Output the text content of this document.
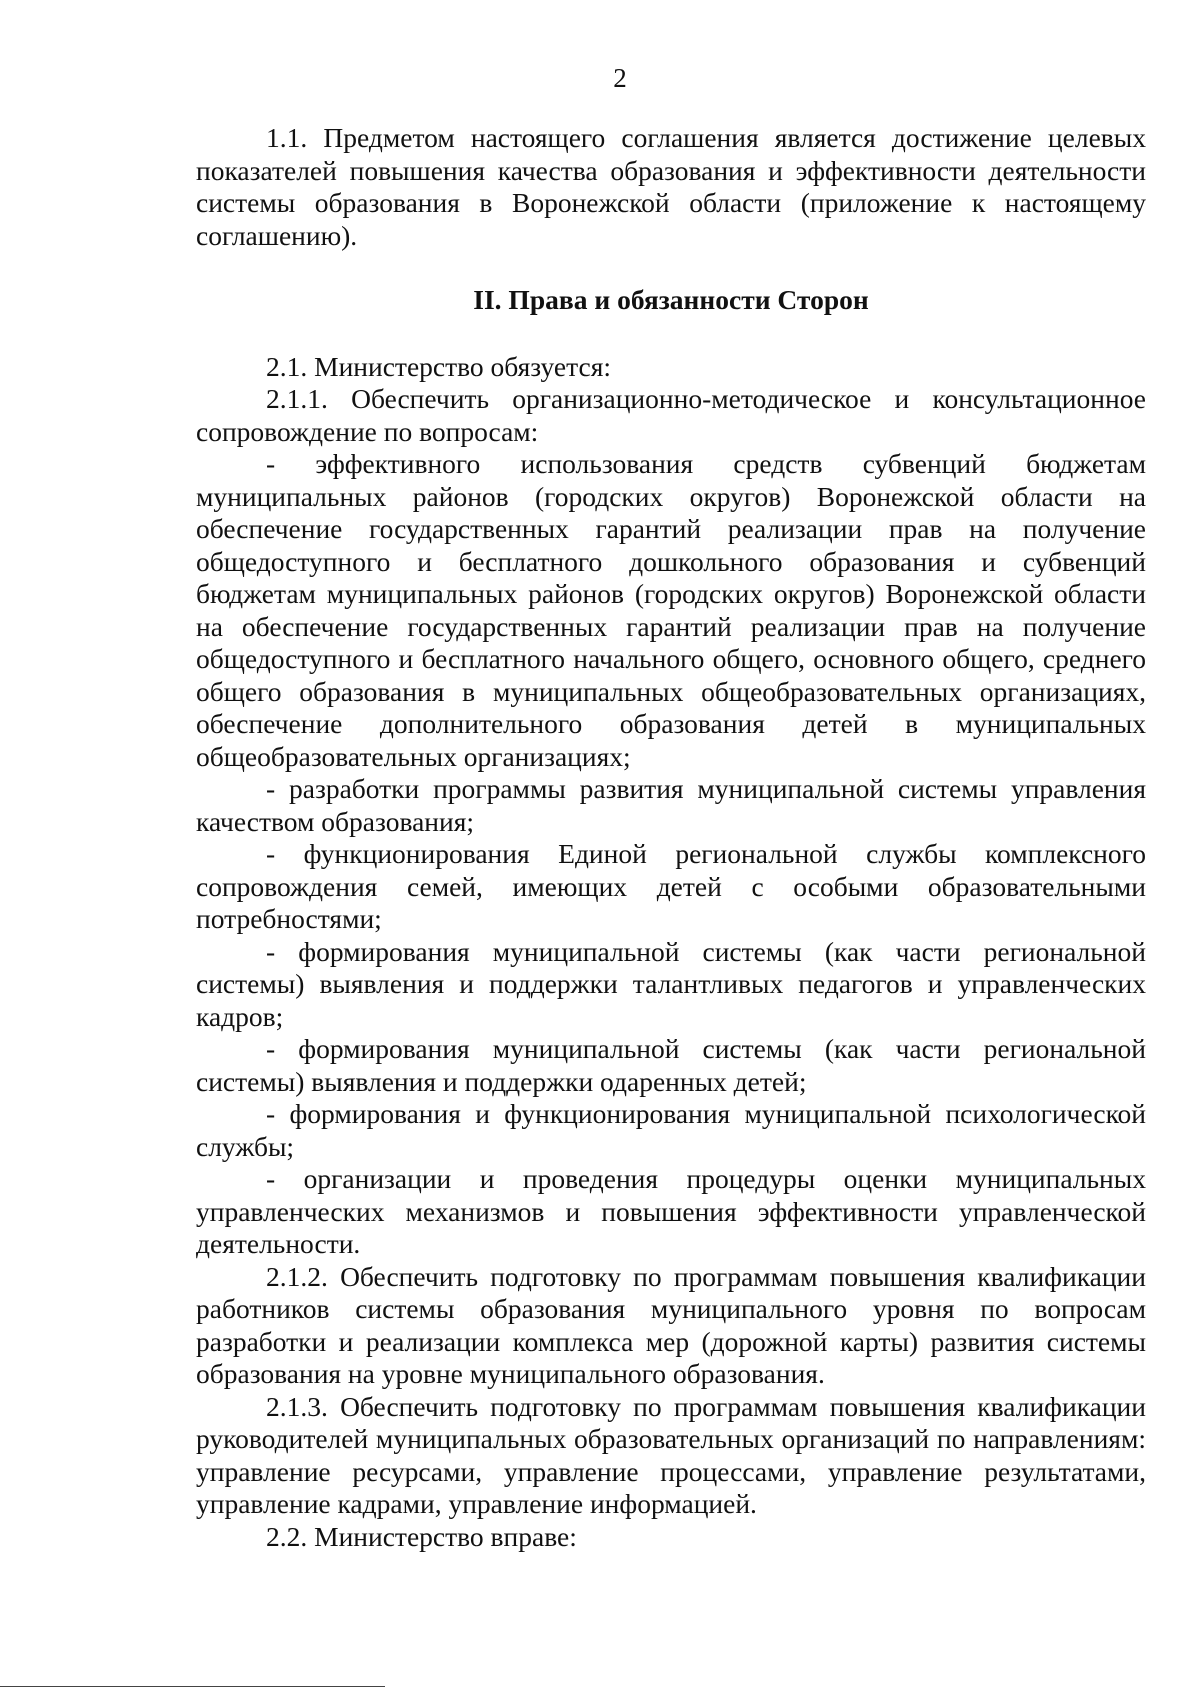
2

1.1. Предметом настоящего соглашения является достижение целевых показателей повышения качества образования и эффективности деятельности системы образования в Воронежской области (приложение к настоящему соглашению).

II. Права и обязанности Сторон

2.1. Министерство обязуется:

2.1.1. Обеспечить организационно-методическое и консультационное сопровождение по вопросам:

- эффективного использования средств субвенций бюджетам муниципальных районов (городских округов) Воронежской области на обеспечение государственных гарантий реализации прав на получение общедоступного и бесплатного дошкольного образования и субвенций бюджетам муниципальных районов (городских округов) Воронежской области на обеспечение государственных гарантий реализации прав на получение общедоступного и бесплатного начального общего, основного общего, среднего общего образования в муниципальных общеобразовательных организациях, обеспечение дополнительного образования детей в муниципальных общеобразовательных организациях;

- разработки программы развития муниципальной системы управления качеством образования;

- функционирования Единой региональной службы комплексного сопровождения семей, имеющих детей с особыми образовательными потребностями;

- формирования муниципальной системы (как части региональной системы) выявления и поддержки талантливых педагогов и управленческих кадров;

- формирования муниципальной системы (как части региональной системы) выявления и поддержки одаренных детей;

- формирования и функционирования муниципальной психологической службы;

- организации и проведения процедуры оценки муниципальных управленческих механизмов и повышения эффективности управленческой деятельности.

2.1.2. Обеспечить подготовку по программам повышения квалификации работников системы образования муниципального уровня по вопросам разработки и реализации комплекса мер (дорожной карты) развития системы образования на уровне муниципального образования.

2.1.3. Обеспечить подготовку по программам повышения квалификации руководителей муниципальных образовательных организаций по направлениям: управление ресурсами, управление процессами, управление результатами, управление кадрами, управление информацией.

2.2. Министерство вправе:
